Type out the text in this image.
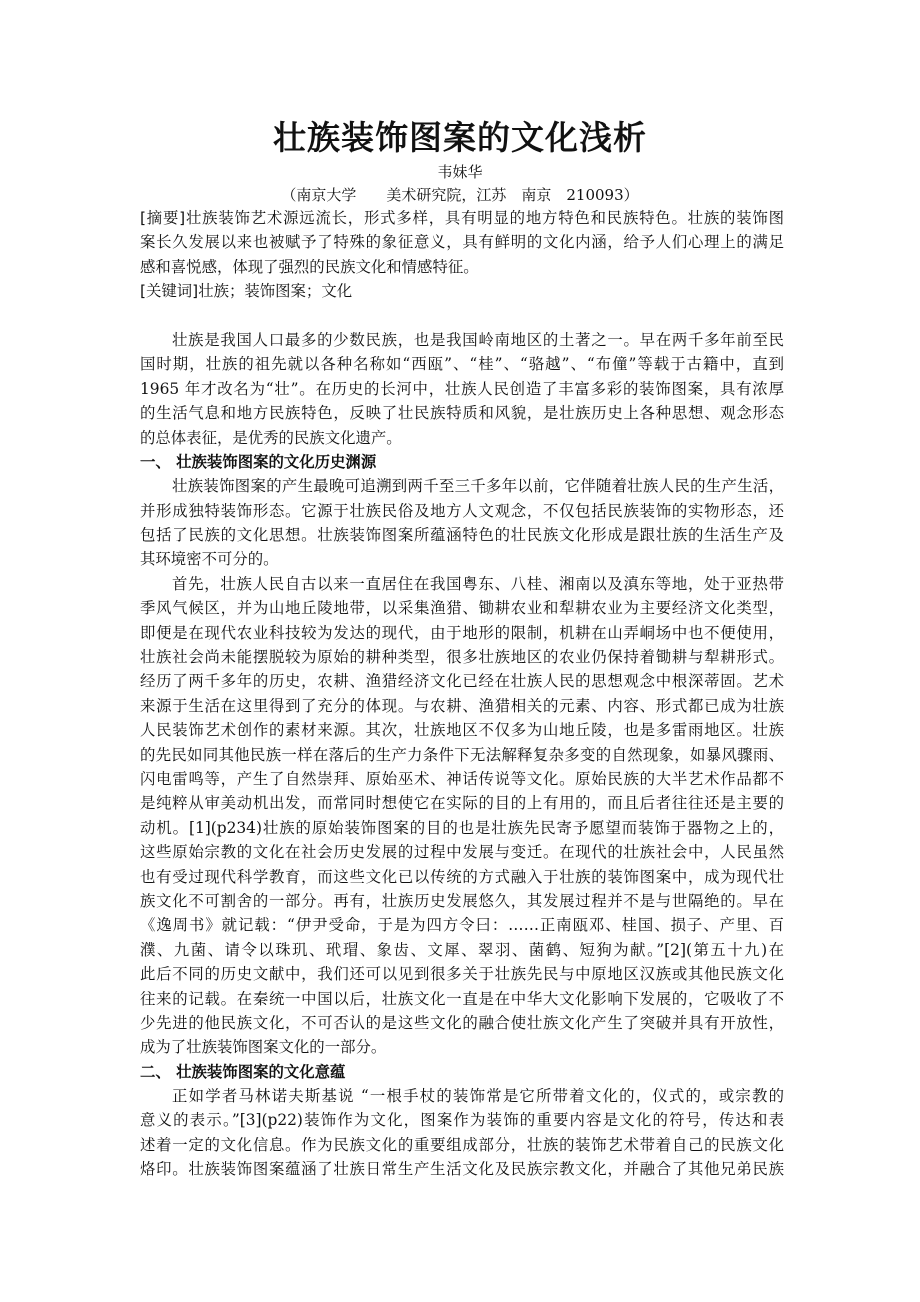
壮族装饰图案的文化浅析
韦妹华
（南京大学　　美术研究院，江苏　南京　210093）
[摘要]壮族装饰艺术源远流长，形式多样，具有明显的地方特色和民族特色。壮族的装饰图
案长久发展以来也被赋予了特殊的象征意义，具有鲜明的文化内涵，给予人们心理上的满足
感和喜悦感，体现了强烈的民族文化和情感特征。
[关键词]壮族；装饰图案；文化
壮族是我国人口最多的少数民族，也是我国岭南地区的土著之一。早在两千多年前至民
国时期，壮族的祖先就以各种名称如“西瓯”、“桂”、“骆越”、“布僮”等载于古籍中，直到
1965 年才改名为“壮”。在历史的长河中，壮族人民创造了丰富多彩的装饰图案，具有浓厚
的生活气息和地方民族特色，反映了壮民族特质和风貌，是壮族历史上各种思想、观念形态
的总体表征，是优秀的民族文化遗产。
一、 壮族装饰图案的文化历史渊源
壮族装饰图案的产生最晚可追溯到两千至三千多年以前，它伴随着壮族人民的生产生活，
并形成独特装饰形态。它源于壮族民俗及地方人文观念，不仅包括民族装饰的实物形态，还
包括了民族的文化思想。壮族装饰图案所蕴涵特色的壮民族文化形成是跟壮族的生活生产及
其环境密不可分的。
首先，壮族人民自古以来一直居住在我国粤东、八桂、湘南以及滇东等地，处于亚热带
季风气候区，并为山地丘陵地带，以采集渔猎、锄耕农业和犁耕农业为主要经济文化类型，
即便是在现代农业科技较为发达的现代，由于地形的限制，机耕在山弄峒场中也不便使用，
壮族社会尚未能摆脱较为原始的耕种类型，很多壮族地区的农业仍保持着锄耕与犁耕形式。
经历了两千多年的历史，农耕、渔猎经济文化已经在壮族人民的思想观念中根深蒂固。艺术
来源于生活在这里得到了充分的体现。与农耕、渔猎相关的元素、内容、形式都已成为壮族
人民装饰艺术创作的素材来源。其次，壮族地区不仅多为山地丘陵，也是多雷雨地区。壮族
的先民如同其他民族一样在落后的生产力条件下无法解释复杂多变的自然现象，如暴风骤雨、
闪电雷鸣等，产生了自然崇拜、原始巫术、神话传说等文化。原始民族的大半艺术作品都不
是纯粹从审美动机出发，而常同时想使它在实际的目的上有用的，而且后者往往还是主要的
动机。[1](p234)壮族的原始装饰图案的目的也是壮族先民寄予愿望而装饰于器物之上的，
这些原始宗教的文化在社会历史发展的过程中发展与变迁。在现代的壮族社会中，人民虽然
也有受过现代科学教育，而这些文化已以传统的方式融入于壮族的装饰图案中，成为现代壮
族文化不可割舍的一部分。再有，壮族历史发展悠久，其发展过程并不是与世隔绝的。早在
《逸周书》就记载：“伊尹受命，于是为四方令曰：……正南瓯邓、桂国、损子、产里、百
濮、九菌、请令以珠玑、玳瑁、象齿、文犀、翠羽、菌鹤、短狗为献。”[2](第五十九)在
此后不同的历史文献中，我们还可以见到很多关于壮族先民与中原地区汉族或其他民族文化
往来的记载。在秦统一中国以后，壮族文化一直是在中华大文化影响下发展的，它吸收了不
少先进的他民族文化，不可否认的是这些文化的融合使壮族文化产生了突破并具有开放性，
成为了壮族装饰图案文化的一部分。
二、 壮族装饰图案的文化意蕴
正如学者马林诺夫斯基说 “一根手杖的装饰常是它所带着文化的，仪式的，或宗教的
意义的表示。”[3](p22)装饰作为文化，图案作为装饰的重要内容是文化的符号，传达和表
述着一定的文化信息。作为民族文化的重要组成部分，壮族的装饰艺术带着自己的民族文化
烙印。壮族装饰图案蕴涵了壮族日常生产生活文化及民族宗教文化，并融合了其他兄弟民族
